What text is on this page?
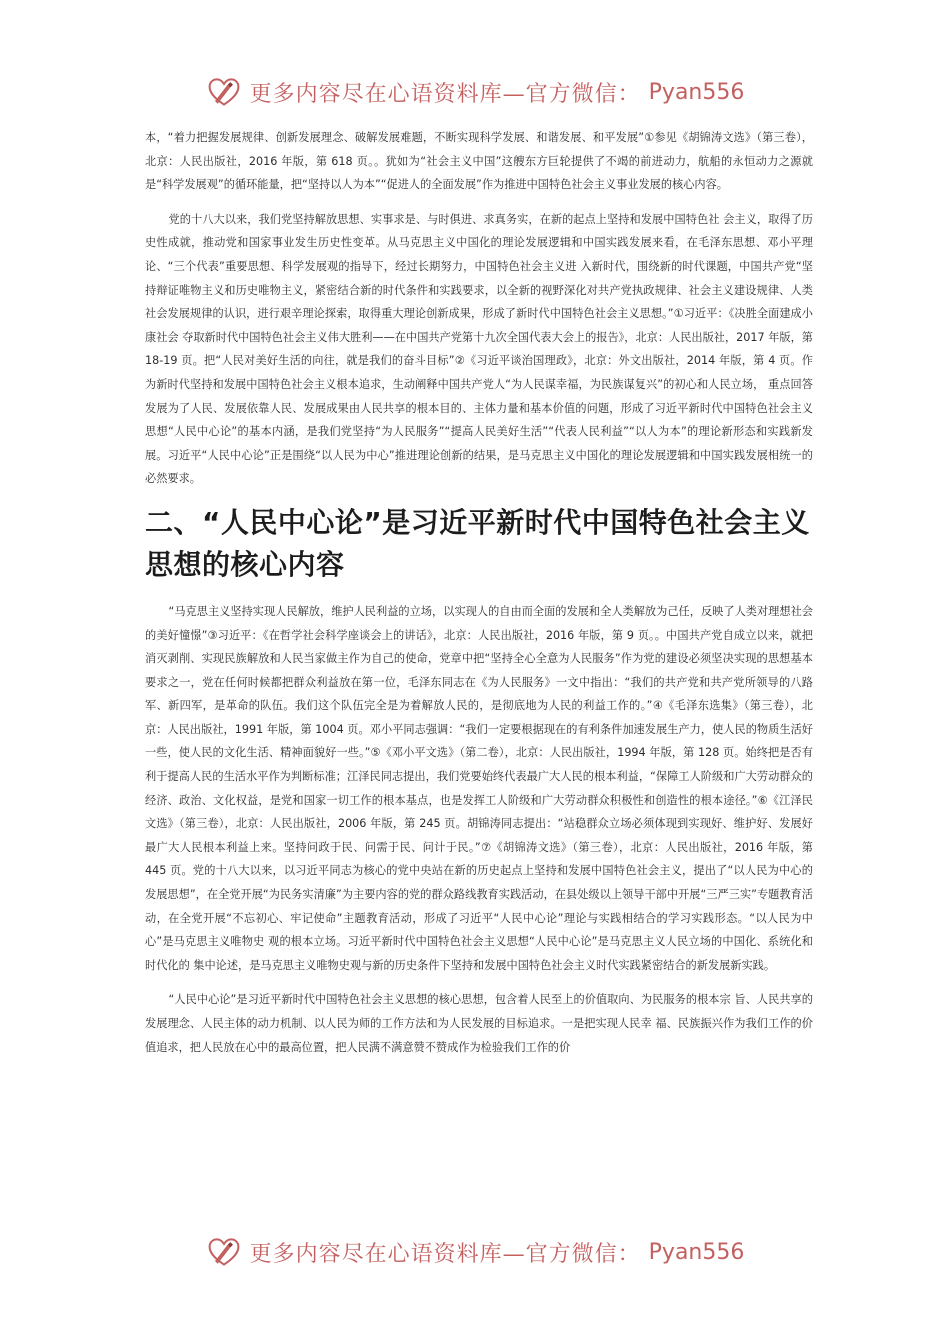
更多内容尽在心语资料库—官方微信： Pyan556

本，“着力把握发展规律、创新发展理念、破解发展难题，不断实现科学发展、和谐发展、和平发展”①参见《胡锦涛文选》（第三卷），北京：人民出版社，2016 年版，第 618 页。。犹如为“社会主义中国”这艘东方巨轮提供了不竭的前进动力，航船的永恒动力之源就是“科学发展观”的循环能量，把“坚持以人为本”“促进人的全面发展”作为推进中国特色社会主义事业发展的核心内容。

党的十八大以来，我们党坚持解放思想、实事求是、与时俱进、求真务实，在新的起点上坚持和发展中国特色社 会主义，取得了历史性成就，推动党和国家事业发生历史性变革。从马克思主义中国化的理论发展逻辑和中国实践发展来看，在毛泽东思想、邓小平理论、“三个代表”重要思想、科学发展观的指导下，经过长期努力，中国特色社会主义进 入新时代，围绕新的时代课题，中国共产党“坚持辩证唯物主义和历史唯物主义，紧密结合新的时代条件和实践要求，以全新的视野深化对共产党执政规律、社会主义建设规律、人类社会发展规律的认识，进行艰辛理论探索，取得重大理论创新成果，形成了新时代中国特色社会主义思想。”①习近平：《决胜全面建成小康社会 夺取新时代中国特色社会主义伟大胜利——在中国共产党第十九次全国代表大会上的报告》，北京：人民出版社，2017 年版，第 18-19 页。把“人民对美好生活的向往，就是我们的奋斗目标”②《习近平谈治国理政》，北京：外文出版社，2014 年版，第 4 页。作为新时代坚持和发展中国特色社会主义根本追求，生动阐释中国共产党人“为人民谋幸福，为民族谋复兴”的初心和人民立场， 重点回答发展为了人民、发展依靠人民、发展成果由人民共享的根本目的、主体力量和基本价值的问题，形成了习近平新时代中国特色社会主义思想“人民中心论”的基本内涵，是我们党坚持“为人民服务”“提高人民美好生活”“代表人民利益”“以人为本”的理论新形态和实践新发展。习近平“人民中心论”正是围绕“以人民为中心”推进理论创新的结果，是马克思主义中国化的理论发展逻辑和中国实践发展相统一的必然要求。

二、“人民中心论”是习近平新时代中国特色社会主义思想的核心内容

“马克思主义坚持实现人民解放，维护人民利益的立场，以实现人的自由而全面的发展和全人类解放为己任，反映了人类对理想社会的美好憧憬”③习近平：《在哲学社会科学座谈会上的讲话》，北京：人民出版社，2016 年版，第 9 页。。中国共产党自成立以来，就把消灭剥削、实现民族解放和人民当家做主作为自己的使命，党章中把“坚持全心全意为人民服务”作为党的建设必须坚决实现的思想基本要求之一，党在任何时候都把群众利益放在第一位，毛泽东同志在《为人民服务》一文中指出：“我们的共产党和共产党所领导的八路军、新四军，是革命的队伍。我们这个队伍完全是为着解放人民的，是彻底地为人民的利益工作的。”④《毛泽东选集》（第三卷），北京：人民出版社，1991 年版，第 1004 页。邓小平同志强调：“我们一定要根据现在的有利条件加速发展生产力，使人民的物质生活好一些，使人民的文化生活、精神面貌好一些。”⑤《邓小平文选》（第二卷），北京：人民出版社，1994 年版，第 128 页。始终把是否有利于提高人民的生活水平作为判断标准；江泽民同志提出，我们党要始终代表最广大人民的根本利益，“保障工人阶级和广大劳动群众的经济、政治、文化权益，是党和国家一切工作的根本基点，也是发挥工人阶级和广大劳动群众积极性和创造性的根本途径。”⑥《江泽民文选》（第三卷），北京：人民出版社，2006 年版，第 245 页。胡锦涛同志提出：“站稳群众立场必须体现到实现好、维护好、发展好最广大人民根本利益上来。坚持问政于民、问需于民、问计于民。”⑦《胡锦涛文选》（第三卷），北京：人民出版社，2016 年版，第 445 页。党的十八大以来，以习近平同志为核心的党中央站在新的历史起点上坚持和发展中国特色社会主义，提出了“以人民为中心的发展思想”，在全党开展“为民务实清廉”为主要内容的党的群众路线教育实践活动，在县处级以上领导干部中开展“三严三实”专题教育活动，在全党开展“不忘初心、牢记使命”主题教育活动，形成了习近平“人民中心论”理论与实践相结合的学习实践形态。“以人民为中心”是马克思主义唯物史 观的根本立场。习近平新时代中国特色社会主义思想“人民中心论”是马克思主义人民立场的中国化、系统化和时代化的 集中论述，是马克思主义唯物史观与新的历史条件下坚持和发展中国特色社会主义时代实践紧密结合的新发展新实践。

“人民中心论”是习近平新时代中国特色社会主义思想的核心思想，包含着人民至上的价值取向、为民服务的根本宗 旨、人民共享的发展理念、人民主体的动力机制、以人民为师的工作方法和为人民发展的目标追求。一是把实现人民幸 福、民族振兴作为我们工作的价值追求，把人民放在心中的最高位置，把人民满不满意赞不赞成作为检验我们工作的价

更多内容尽在心语资料库—官方微信： Pyan556
